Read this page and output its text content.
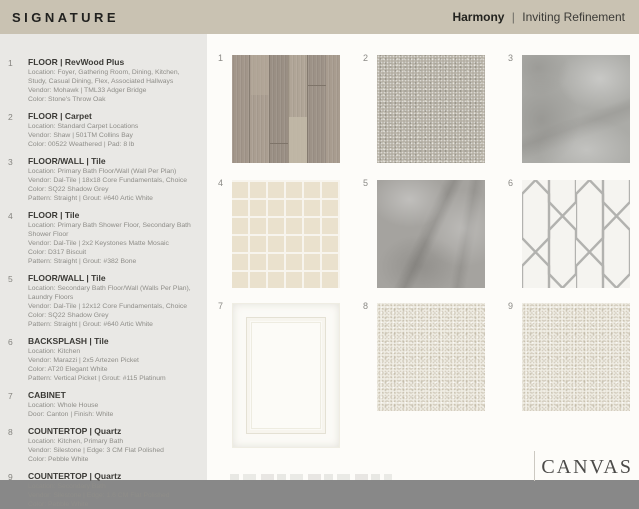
SIGNATURE	Harmony | Inviting Refinement
1	FLOOR | RevWood Plus
Location: Foyer, Gathering Room, Dining, Kitchen, Study, Casual Dining, Flex, Associated Hallways
Vendor: Mohawk | TML33 Adger Bridge
Color: Stone's Throw Oak
2	FLOOR | Carpet
Location: Standard Carpet Locations
Vendor: Shaw | 501TM Collins Bay
Color: 00522 Weathered | Pad: 8 lb
3	FLOOR/WALL | Tile
Location: Primary Bath Floor/Wall (Wall Per Plan)
Vendor: Dal-Tile | 18x18 Core Fundamentals, Choice
Color: SQ22 Shadow Grey
Pattern: Straight | Grout: #640 Artic White
4	FLOOR | Tile
Location: Primary Bath Shower Floor, Secondary Bath Shower Floor
Vendor: Dal-Tile | 2x2 Keystones Matte Mosaic
Color: D317 Biscuit
Pattern: Straight | Grout: #382 Bone
5	FLOOR/WALL | Tile
Location: Secondary Bath Floor/Wall (Walls Per Plan), Laundry Floors
Vendor: Dal-Tile | 12x12 Core Fundamentals, Choice
Color: SQ22 Shadow Grey
Pattern: Straight | Grout: #640 Artic White
6	BACKSPLASH | Tile
Location: Kitchen
Vendor: Marazzi | 2x5 Artezen Picket
Color: AT20 Elegant White
Pattern: Vertical Picket | Grout: #115 Platinum
7	CABINET
Location: Whole House
Door: Canton | Finish: White
8	COUNTERTOP | Quartz
Location: Kitchen, Primary Bath
Vendor: Silestone | Edge: 3 CM Flat Polished
Color: Pebble White
9	COUNTERTOP | Quartz
Location: Secondary Bath
Vendor: Silestone | Edge: 1.6 CM Flat Polished
Color: Pebble White
1	2	3
4	5	6
7	8	9
CANVAS
